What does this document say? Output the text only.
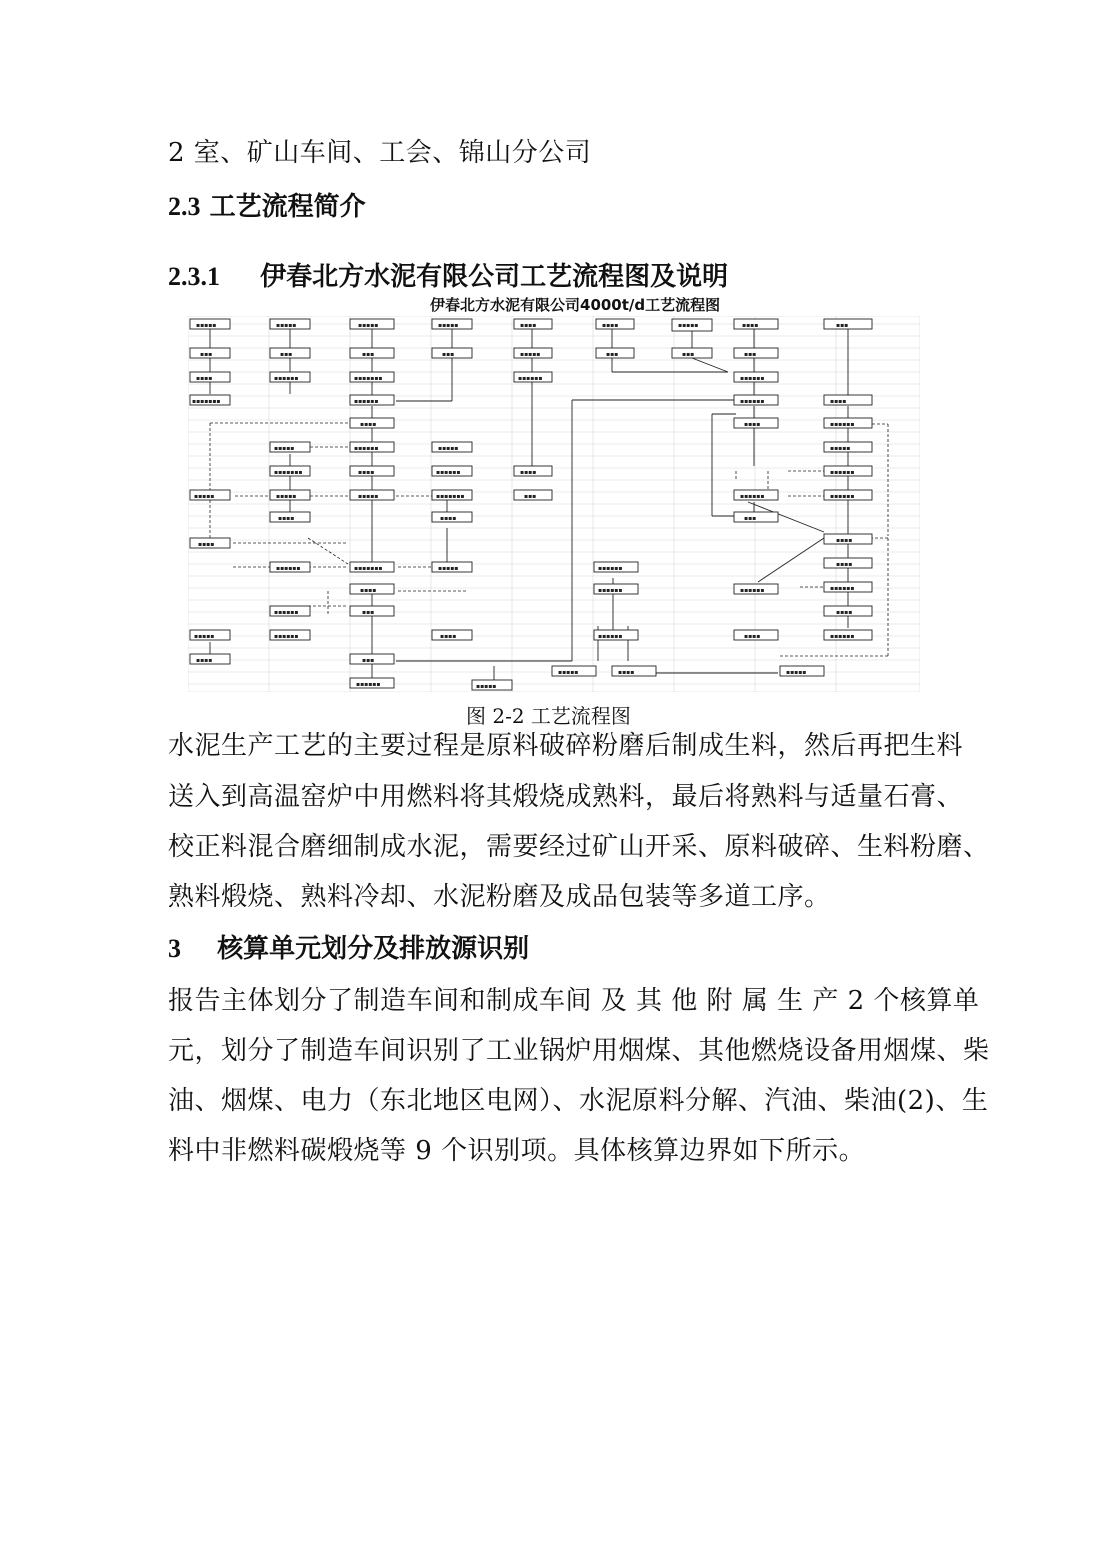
2 室、矿山车间、工会、锦山分公司
2.3 工艺流程简介
2.3.1 伊春北方水泥有限公司工艺流程图及说明
伊春北方水泥有限公司4000t/d工艺流程图
▪▪▪▪▪	▪▪▪▪▪	▪▪▪▪▪	▪▪▪▪▪	▪▪▪▪	▪▪▪▪	▪▪▪▪▪	▪▪▪▪	▪▪▪
▪▪▪	▪▪▪	▪▪▪	▪▪▪	▪▪▪▪▪	▪▪▪	▪▪▪	▪▪▪
▪▪▪▪	▪▪▪▪▪▪	▪▪▪▪▪▪▪	▪▪▪▪▪▪	▪▪▪▪▪▪
▪▪▪▪▪▪▪	▪▪▪▪▪▪	▪▪▪▪▪▪	▪▪▪▪
▪▪▪▪	▪▪▪▪	▪▪▪▪▪▪
▪▪▪▪▪	▪▪▪▪▪▪	▪▪▪▪▪	▪▪▪▪▪
▪▪▪▪▪▪▪	▪▪▪▪	▪▪▪▪▪▪	▪▪▪▪	▪▪▪▪▪▪
▪▪▪▪▪	▪▪▪▪▪	▪▪▪▪▪	▪▪▪▪▪▪▪	▪▪▪	▪▪▪▪▪▪	▪▪▪▪▪▪
▪▪▪▪	▪▪▪▪	▪▪▪
▪▪▪▪
▪▪▪▪
▪▪▪▪▪▪	▪▪▪▪▪▪▪	▪▪▪▪▪	▪▪▪▪▪▪
▪▪▪▪
▪▪▪▪	▪▪▪▪▪▪	▪▪▪▪▪▪	▪▪▪▪▪▪
▪▪▪▪▪▪	▪▪▪	▪▪▪▪
▪▪▪▪▪	▪▪▪▪▪▪	▪▪▪▪	▪▪▪▪▪▪	▪▪▪▪	▪▪▪▪▪▪
▪▪▪▪	▪▪▪
▪▪▪▪▪	▪▪▪▪	▪▪▪▪▪
▪▪▪▪▪▪	▪▪▪▪▪
图 2-2 工艺流程图
水泥生产工艺的主要过程是原料破碎粉磨后制成生料，然后再把生料
送入到高温窑炉中用燃料将其煅烧成熟料，最后将熟料与适量石膏、
校正料混合磨细制成水泥，需要经过矿山开采、原料破碎、生料粉磨、
熟料煅烧、熟料冷却、水泥粉磨及成品包装等多道工序。
3 核算单元划分及排放源识别
报告主体划分了制造车间和制成车间 及 其 他 附 属 生 产 2 个核算单
元，划分了制造车间识别了工业锅炉用烟煤、其他燃烧设备用烟煤、柴
油、烟煤、电力（东北地区电网）、水泥原料分解、汽油、柴油(2)、生
料中非燃料碳煅烧等 9 个识别项。具体核算边界如下所示。
